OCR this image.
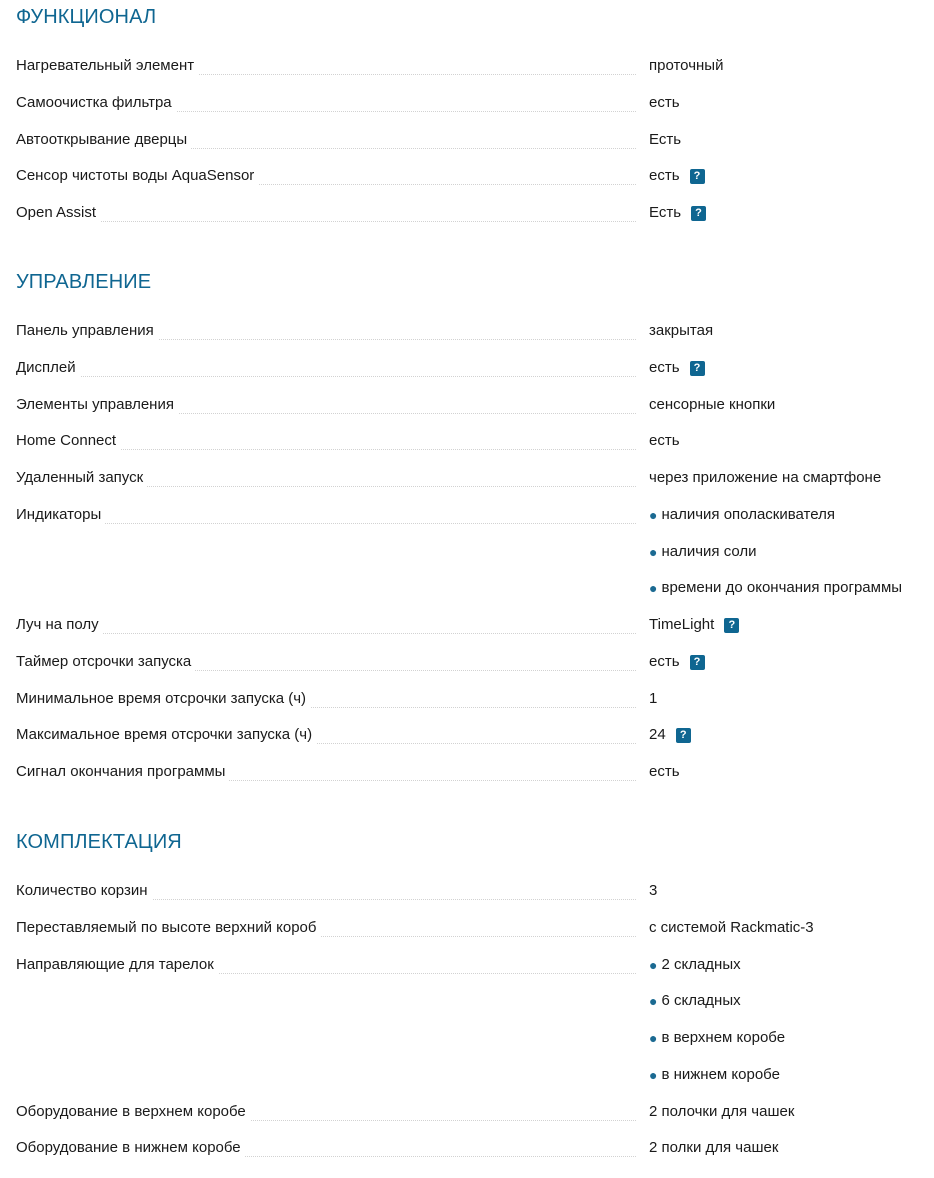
ФУНКЦИОНАЛ
Нагревательный элемент	проточный
Самоочистка фильтра	есть
Автооткрывание дверцы	Есть
Сенсор чистоты воды AquaSensor	есть	?
Open Assist	Есть	?
УПРАВЛЕНИЕ
Панель управления	закрытая
Дисплей	есть	?
Элементы управления	сенсорные кнопки
Home Connect	есть
Удаленный запуск	через приложение на смартфоне
Индикаторы	● наличия ополаскивателя
● наличия соли
● времени до окончания программы
Луч на полу	TimeLight	?
Таймер отсрочки запуска	есть	?
Минимальное время отсрочки запуска (ч)	1
Максимальное время отсрочки запуска (ч)	24	?
Сигнал окончания программы	есть
КОМПЛЕКТАЦИЯ
Количество корзин	3
Переставляемый по высоте верхний короб	с системой Rackmatic-3
Направляющие для тарелок	● 2 складных
● 6 складных
● в верхнем коробе
● в нижнем коробе
Оборудование в верхнем коробе	2 полочки для чашек
Оборудование в нижнем коробе	2 полки для чашек
